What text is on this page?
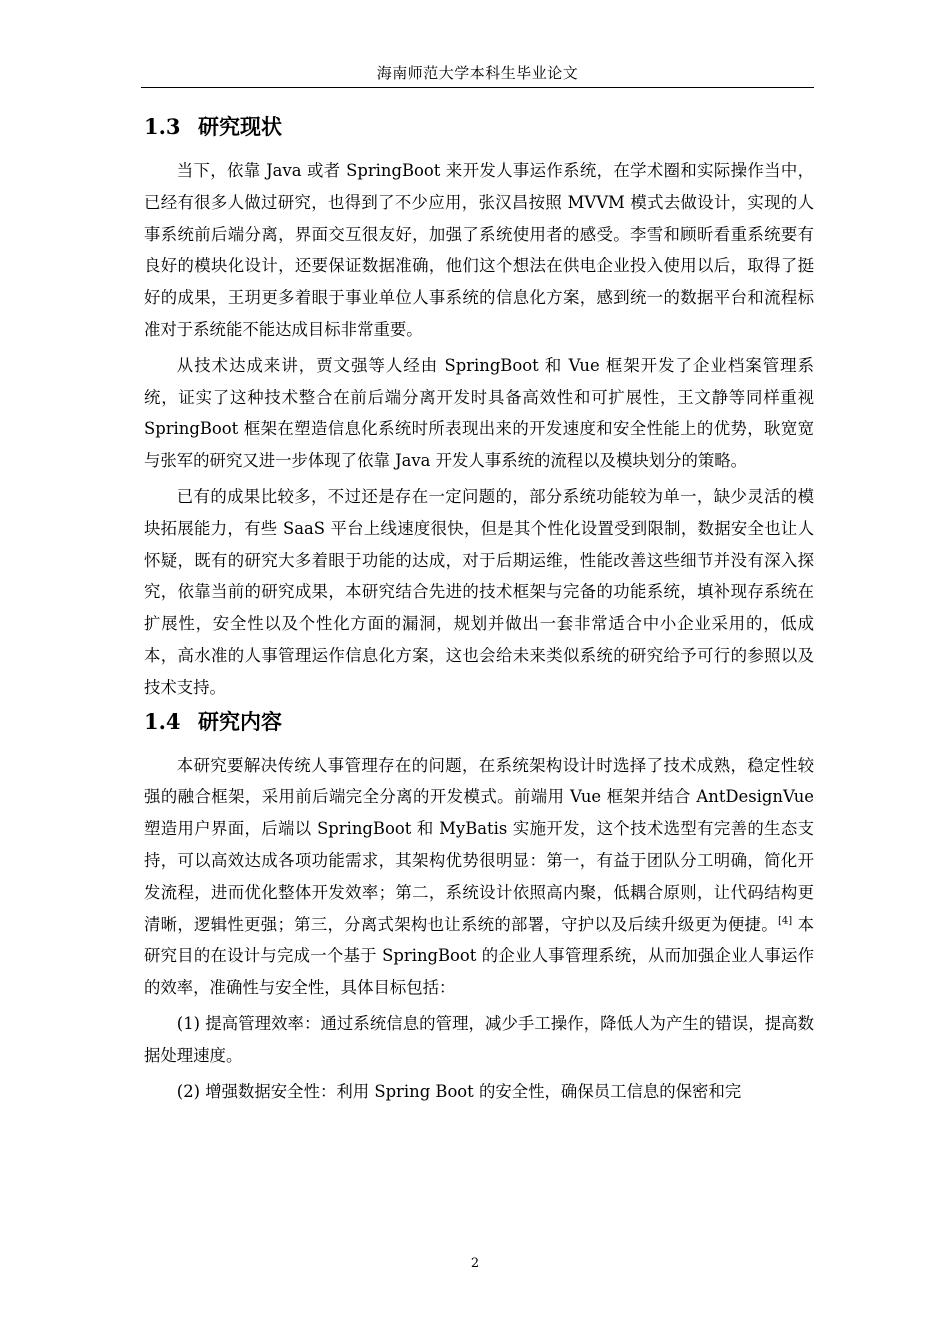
海南师范大学本科生毕业论文
1.3 研究现状

当下，依靠 Java 或者 SpringBoot 来开发人事运作系统，在学术圈和实际操作当中，已经有很多人做过研究，也得到了不少应用，张汉昌按照 MVVM 模式去做设计，实现的人事系统前后端分离，界面交互很友好，加强了系统使用者的感受。李雪和顾昕看重系统要有良好的模块化设计，还要保证数据准确，他们这个想法在供电企业投入使用以后，取得了挺好的成果，王玥更多着眼于事业单位人事系统的信息化方案，感到统一的数据平台和流程标准对于系统能不能达成目标非常重要。

从技术达成来讲，贾文强等人经由 SpringBoot 和 Vue 框架开发了企业档案管理系统，证实了这种技术整合在前后端分离开发时具备高效性和可扩展性，王文静等同样重视 SpringBoot 框架在塑造信息化系统时所表现出来的开发速度和安全性能上的优势，耿宽宽与张军的研究又进一步体现了依靠 Java 开发人事系统的流程以及模块划分的策略。

已有的成果比较多，不过还是存在一定问题的，部分系统功能较为单一，缺少灵活的模块拓展能力，有些 SaaS 平台上线速度很快，但是其个性化设置受到限制，数据安全也让人怀疑，既有的研究大多着眼于功能的达成，对于后期运维，性能改善这些细节并没有深入探究，依靠当前的研究成果，本研究结合先进的技术框架与完备的功能系统，填补现存系统在扩展性，安全性以及个性化方面的漏洞，规划并做出一套非常适合中小企业采用的，低成本，高水准的人事管理运作信息化方案，这也会给未来类似系统的研究给予可行的参照以及技术支持。

1.4 研究内容

本研究要解决传统人事管理存在的问题，在系统架构设计时选择了技术成熟，稳定性较强的融合框架，采用前后端完全分离的开发模式。前端用 Vue 框架并结合 AntDesignVue 塑造用户界面，后端以 SpringBoot 和 MyBatis 实施开发，这个技术选型有完善的生态支持，可以高效达成各项功能需求，其架构优势很明显：第一，有益于团队分工明确，简化开发流程，进而优化整体开发效率；第二，系统设计依照高内聚，低耦合原则，让代码结构更清晰，逻辑性更强；第三，分离式架构也让系统的部署，守护以及后续升级更为便捷。[4] 本研究目的在设计与完成一个基于 SpringBoot 的企业人事管理系统，从而加强企业人事运作的效率，准确性与安全性，具体目标包括：

(1) 提高管理效率：通过系统信息的管理，减少手工操作，降低人为产生的错误，提高数据处理速度。

(2) 增强数据安全性：利用 Spring Boot 的安全性，确保员工信息的保密和完

2
